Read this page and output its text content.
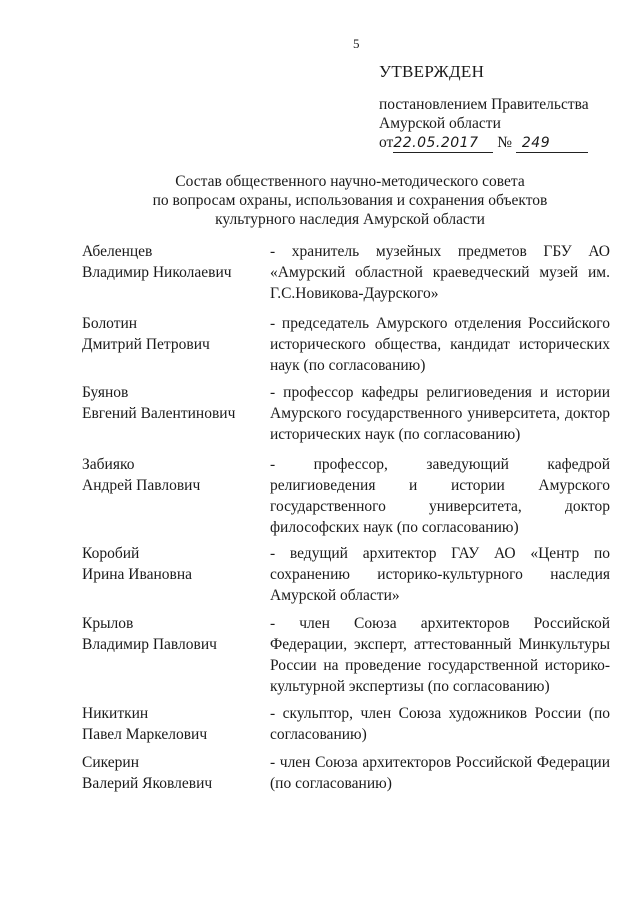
5
УТВЕРЖДЕН
постановлением Правительства
Амурской области
от22.05.2017 № 249
Состав общественного научно-методического совета
по вопросам охраны, использования и сохранения объектов
культурного наследия Амурской области
Абеленцев
Владимир Николаевич
- хранитель музейных предметов ГБУ АО «Амурский областной краеведческий музей им. Г.С.Новикова-Даурского»
Болотин
Дмитрий Петрович
- председатель Амурского отделения Российского исторического общества, кандидат исторических наук (по согласованию)
Буянов
Евгений Валентинович
- профессор кафедры религиоведения и истории Амурского государственного университета, доктор исторических наук (по согласованию)
Забияко
Андрей Павлович
- профессор, заведующий кафедрой религиоведения и истории Амурского государственного университета, доктор философских наук (по согласованию)
Коробий
Ирина Ивановна
- ведущий архитектор ГАУ АО «Центр по сохранению историко-культурного наследия Амурской области»
Крылов
Владимир Павлович
- член Союза архитекторов Российской Федерации, эксперт, аттестованный Минкультуры России на проведение государственной историко-культурной экспертизы (по согласованию)
Никиткин
Павел Маркелович
- скульптор, член Союза художников России (по согласованию)
Сикерин
Валерий Яковлевич
- член Союза архитекторов Российской Федерации (по согласованию)
